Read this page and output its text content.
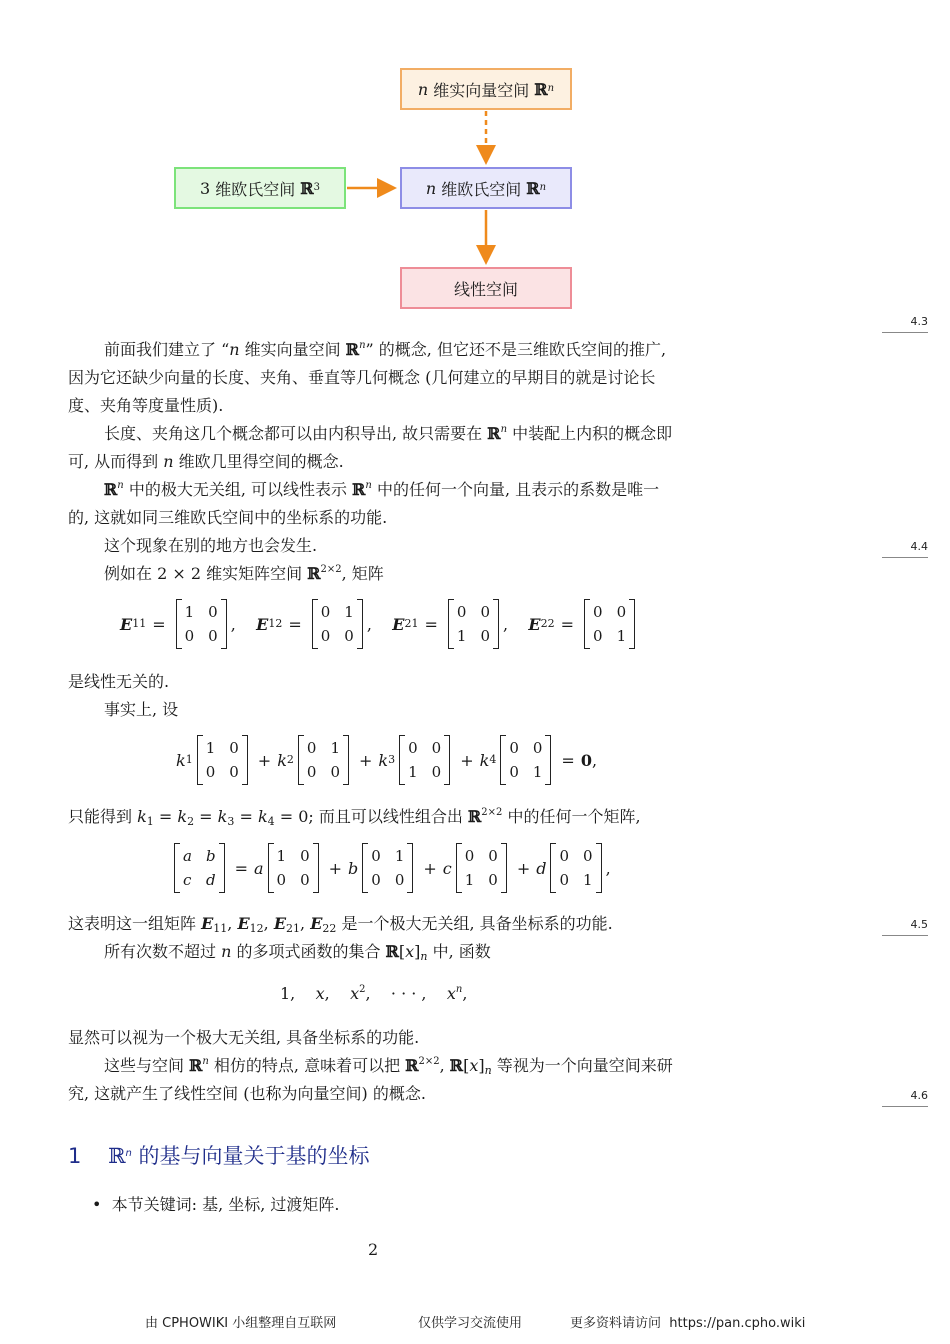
n
维实向量空间
ℝ n
3
维欧氏空间
ℝ 3	n
维欧氏空间
ℝ n
线性空间
4.3
4.4
4.5
4.6
前面我们建立了 “n 维实向量空间 ℝ$^n$” 的概念, 但它还不是三维欧氏空间的推广, 因为它还缺少向量的长度、夹角、垂直等几何概念 (几何建立的早期目的就是讨论长度、夹角等度量性质).
长度、夹角这几个概念都可以由内积导出, 故只需要在 ℝ$^n$ 中装配上内积的概念即可, 从而得到 n 维欧几里得空间的概念.
ℝ$^n$ 中的极大无关组, 可以线性表示 ℝ$^n$ 中的任何一个向量, 且表示的系数是唯一的, 这就如同三维欧氏空间中的坐标系的功能.
这个现象在别的地方也会发生.
例如在 2 × 2 维实矩阵空间 ℝ$^{2\times 2}$, 矩阵
E 11 =
1 0
0 0
, E 12 =
0 1
0 0
, E 21 =
0 0
1 0
, E 22 =
0 0
0 1
是线性无关的.
事实上, 设
k 1
1 0
0 0
+ k 2
0 1
0 0
+ k 3
0 0
1 0
+ k 4
0 0
0 1
= 0 ,
只能得到 $k_1 = k_2 = k_3 = k_4 = 0$; 而且可以线性组合出 ℝ$^{2\times 2}$ 中的任何一个矩阵,
a b
c d
= a
1 0
0 0
+ b
0 1
0 0
+ c
0 0
1 0
+ d
0 0
0 1
,
这表明这一组矩阵 $E_{11}$, $E_{12}$, $E_{21}$, $E_{22}$ 是一个极大无关组, 具备坐标系的功能.
所有次数不超过 n 的多项式函数的集合 $ℝ[x]_n$ 中, 函数
1,    x,    $x^2$,    · · · ,    $x^n$,
显然可以视为一个极大无关组, 具备坐标系的功能.
这些与空间 ℝ$^n$ 相仿的特点, 意味着可以把 ℝ$^{2\times 2}$, $ℝ[x]_n$ 等视为一个向量空间来研究, 这就产生了线性空间 (也称为向量空间) 的概念.
1 ℝ$^n$ 的基与向量关于基的坐标
• 本节关键词: 基, 坐标, 过渡矩阵.
2
由 CPHOWIKI 小组整理自互联网	仅供学习交流使用	更多资料请访问 https://pan.cpho.wiki
